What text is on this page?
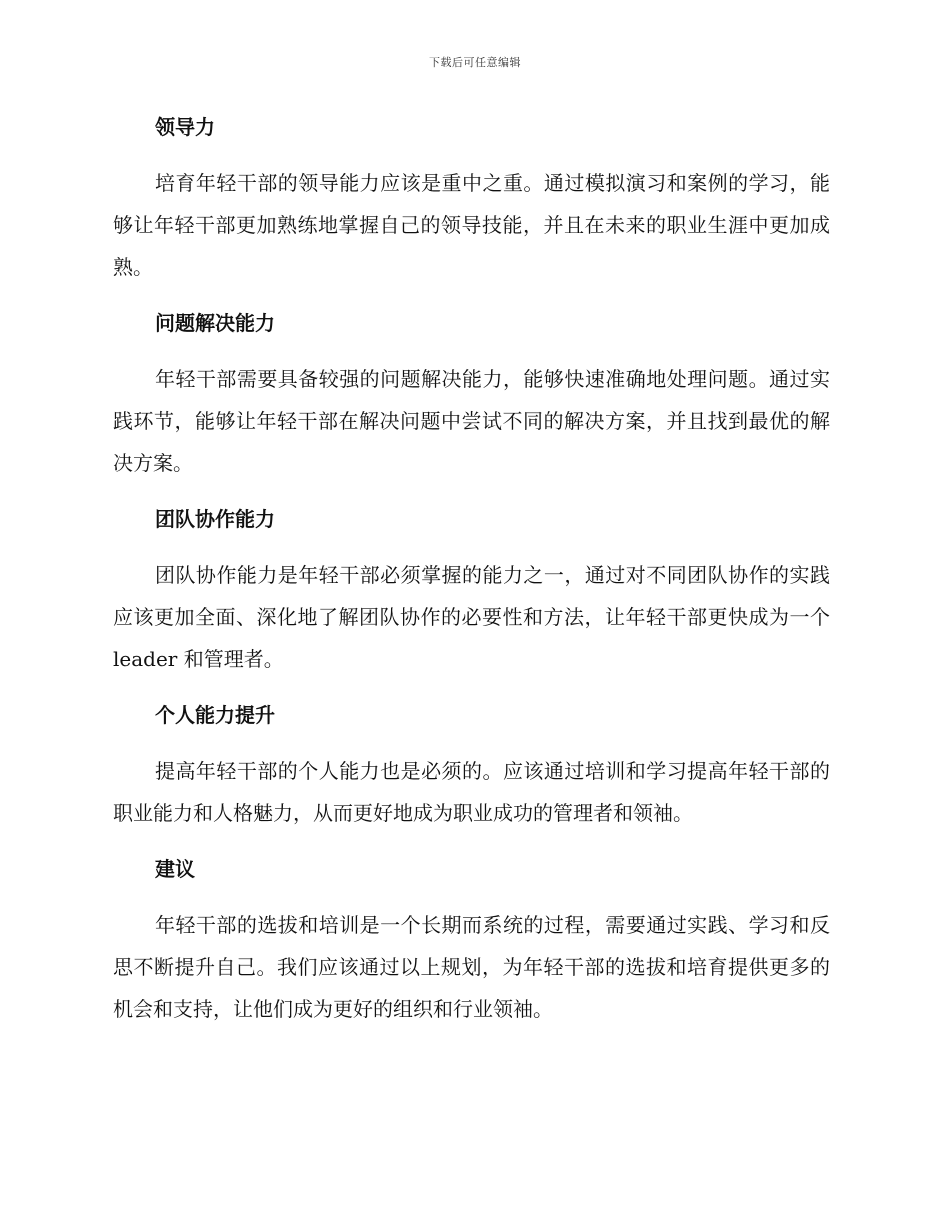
下载后可任意编辑
领导力

培育年轻干部的领导能力应该是重中之重。通过模拟演习和案例的学习，能够让年轻干部更加熟练地掌握自己的领导技能，并且在未来的职业生涯中更加成熟。

问题解决能力

年轻干部需要具备较强的问题解决能力，能够快速准确地处理问题。通过实践环节，能够让年轻干部在解决问题中尝试不同的解决方案，并且找到最优的解决方案。

团队协作能力

团队协作能力是年轻干部必须掌握的能力之一，通过对不同团队协作的实践应该更加全面、深化地了解团队协作的必要性和方法，让年轻干部更快成为一个 leader 和管理者。

个人能力提升

提高年轻干部的个人能力也是必须的。应该通过培训和学习提高年轻干部的职业能力和人格魅力，从而更好地成为职业成功的管理者和领袖。

建议

年轻干部的选拔和培训是一个长期而系统的过程，需要通过实践、学习和反思不断提升自己。我们应该通过以上规划，为年轻干部的选拔和培育提供更多的机会和支持，让他们成为更好的组织和行业领袖。
